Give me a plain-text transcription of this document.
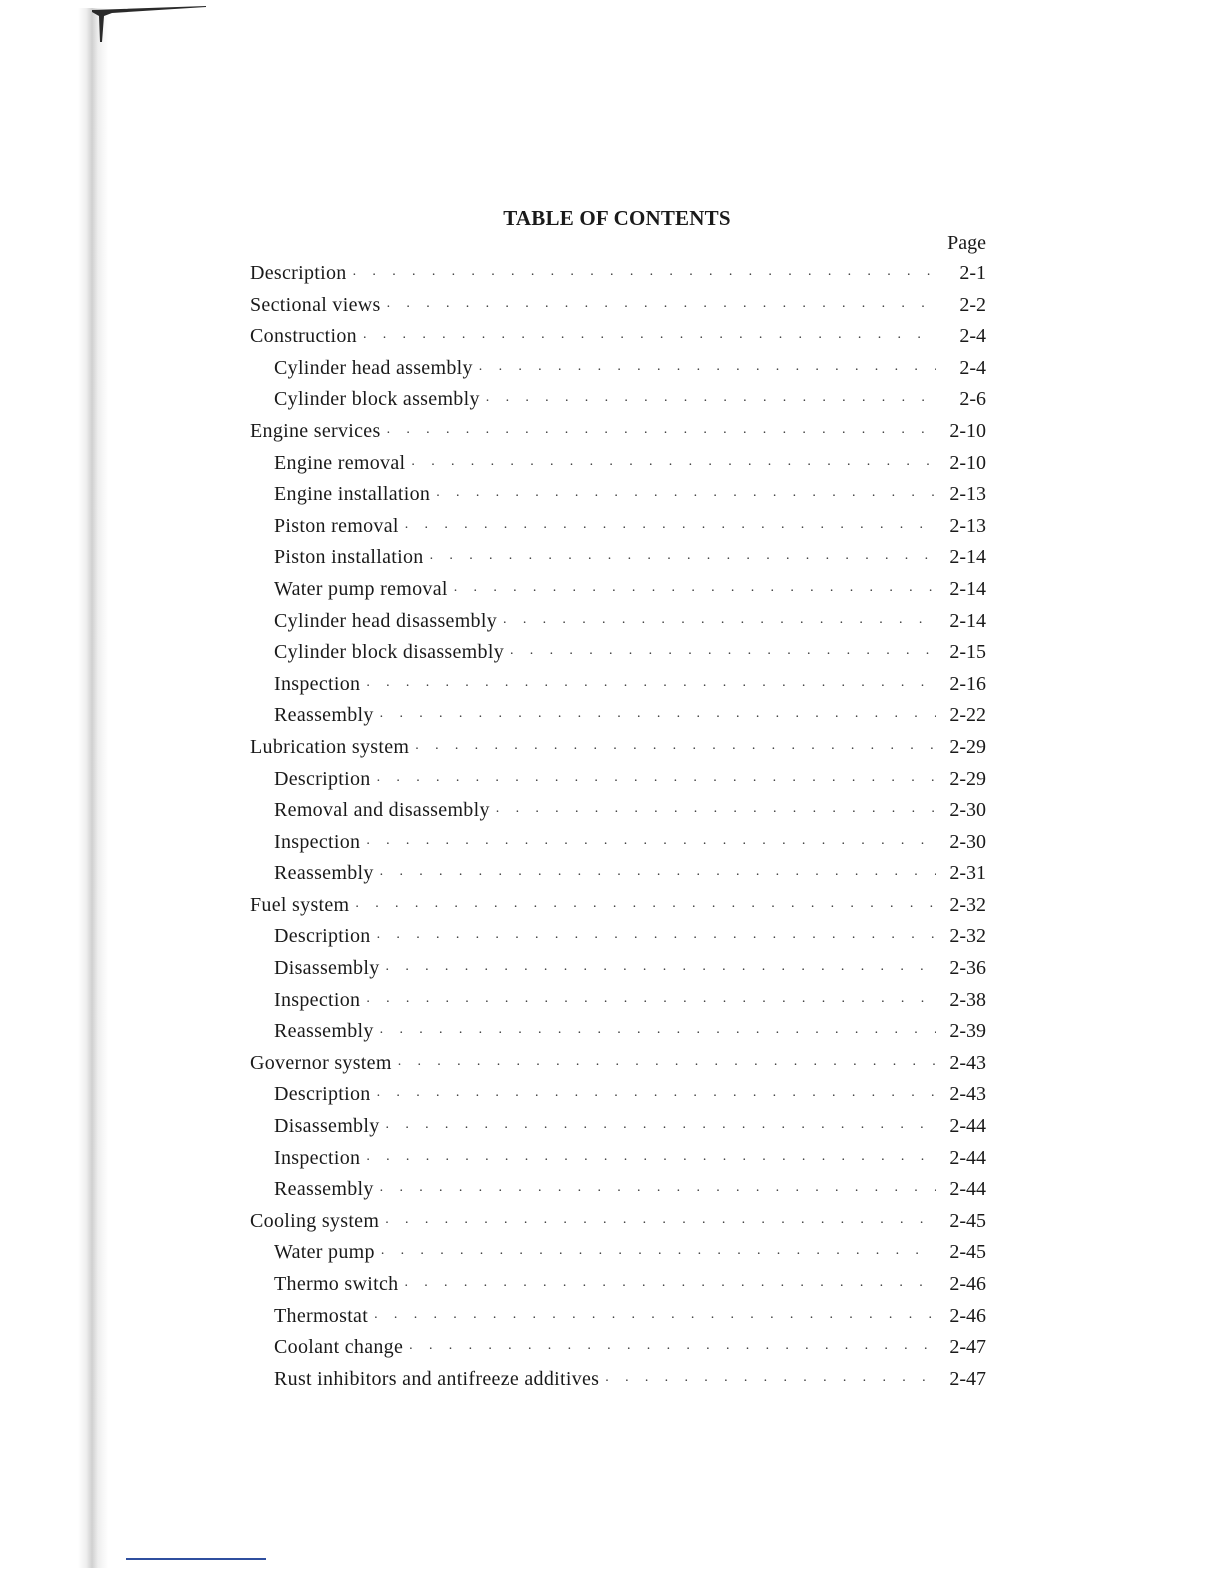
TABLE OF CONTENTS
Page
Description . . .	2-1
Sectional views . . .	2-2
Construction . . .	2-4
Cylinder head assembly . . .	2-4
Cylinder block assembly . . .	2-6
Engine services . . .	2-10
Engine removal . . .	2-10
Engine installation . . .	2-13
Piston removal . . .	2-13
Piston installation . . .	2-14
Water pump removal . . .	2-14
Cylinder head disassembly . . .	2-14
Cylinder block disassembly . . .	2-15
Inspection . . .	2-16
Reassembly . . .	2-22
Lubrication system . . .	2-29
Description . . .	2-29
Removal and disassembly . . .	2-30
Inspection . . .	2-30
Reassembly . . .	2-31
Fuel system . . .	2-32
Description . . .	2-32
Disassembly . . .	2-36
Inspection . . .	2-38
Reassembly . . .	2-39
Governor system . . .	2-43
Description . . .	2-43
Disassembly . . .	2-44
Inspection . . .	2-44
Reassembly . . .	2-44
Cooling system . . .	2-45
Water pump . . .	2-45
Thermo switch . . .	2-46
Thermostat . . .	2-46
Coolant change . . .	2-47
Rust inhibitors and antifreeze additives . . .	2-47
